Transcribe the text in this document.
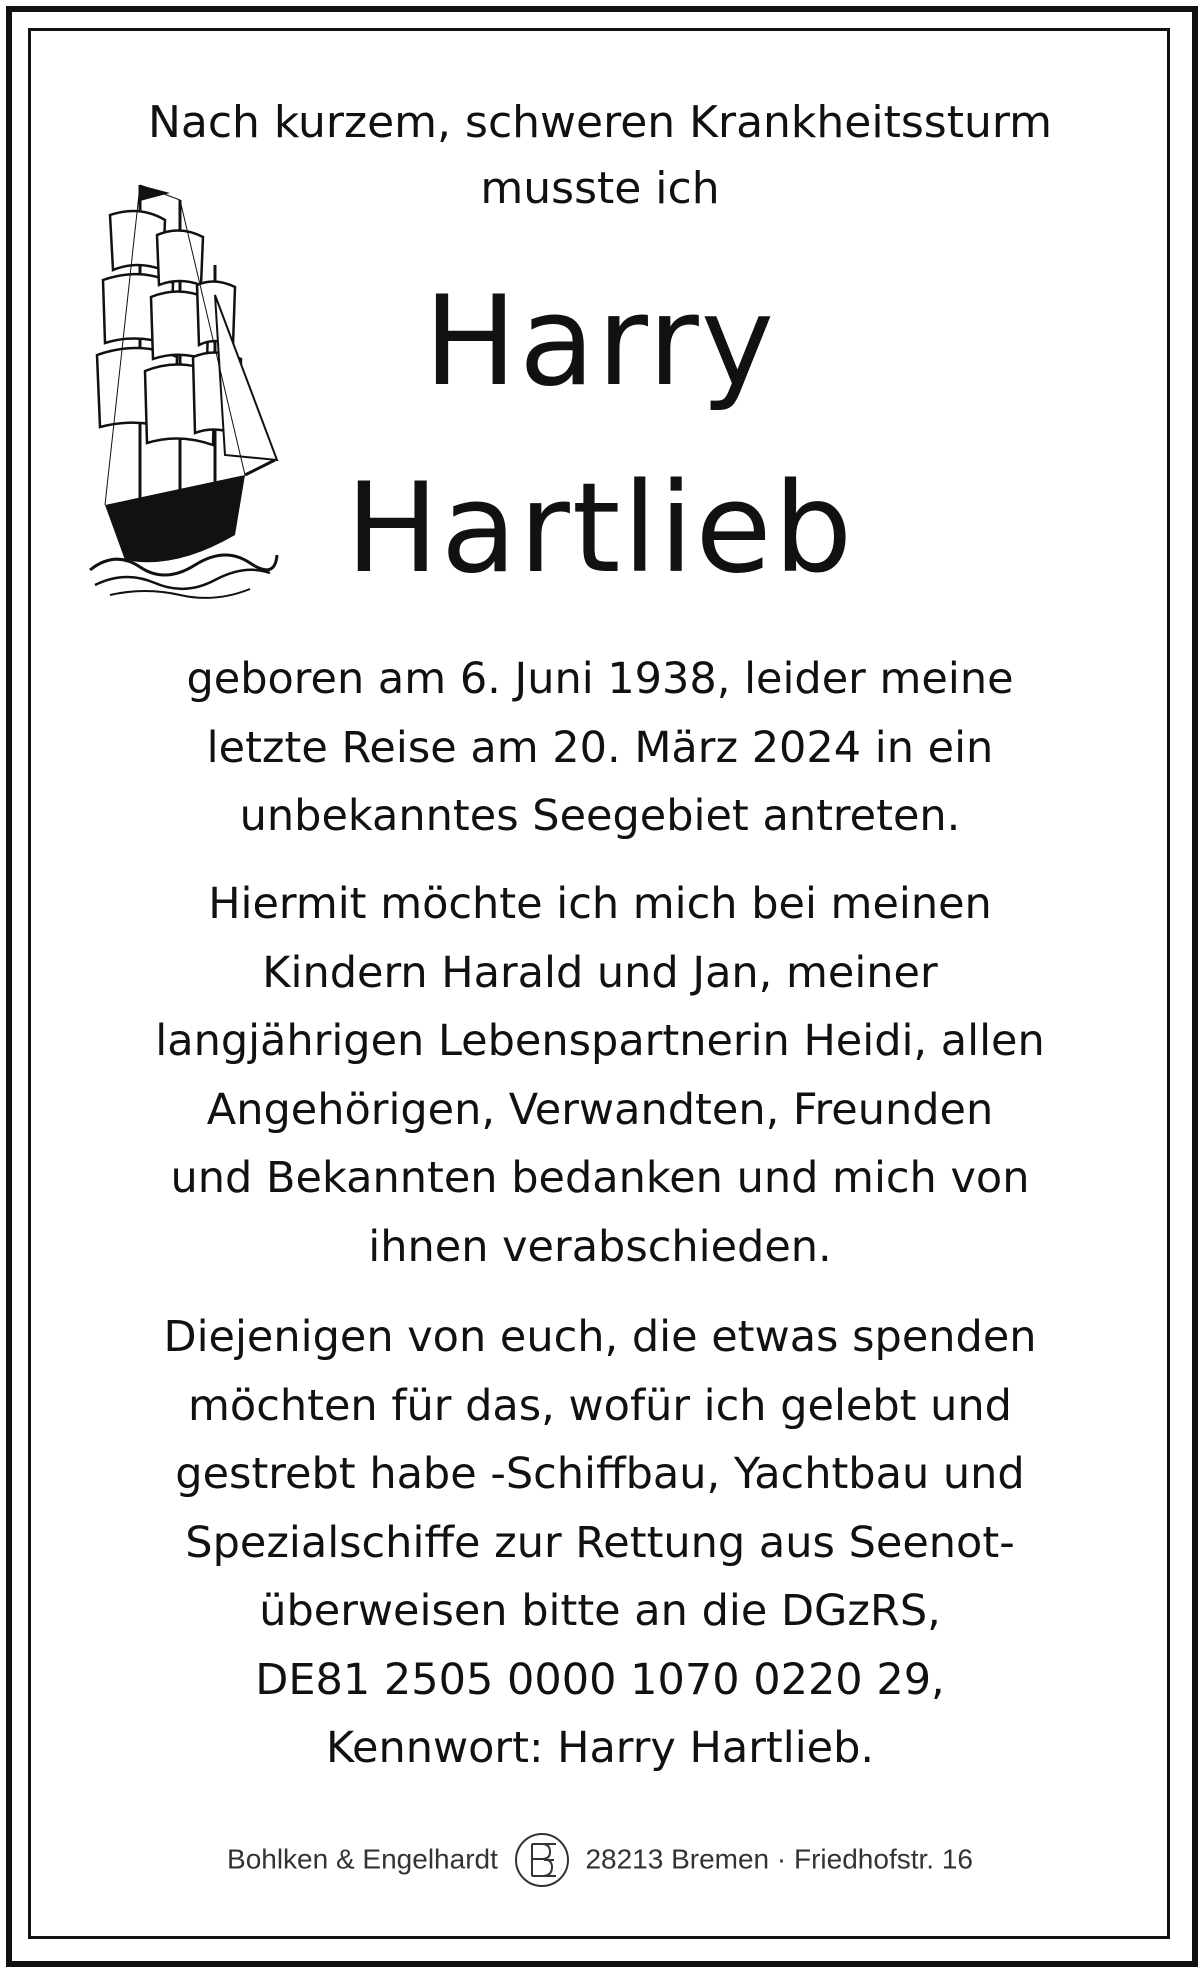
Nach kurzem, schweren Krankheitssturm
musste ich
Harry
Hartlieb
geboren am 6. Juni 1938, leider meine
letzte Reise am 20. März 2024 in ein
unbekanntes Seegebiet antreten.
Hiermit möchte ich mich bei meinen
Kindern Harald und Jan, meiner
langjährigen Lebenspartnerin Heidi, allen
Angehörigen, Verwandten, Freunden
und Bekannten bedanken und mich von
ihnen verabschieden.
Diejenigen von euch, die etwas spenden
möchten für das, wofür ich gelebt und
gestrebt habe -Schiffbau, Yachtbau und
Spezialschiffe zur Rettung aus Seenot-
überweisen bitte an die DGzRS,
DE81 2505 0000 1070 0220 29,
Kennwort: Harry Hartlieb.
Bohlken & Engelhardt	28213 Bremen · Friedhofstr. 16
